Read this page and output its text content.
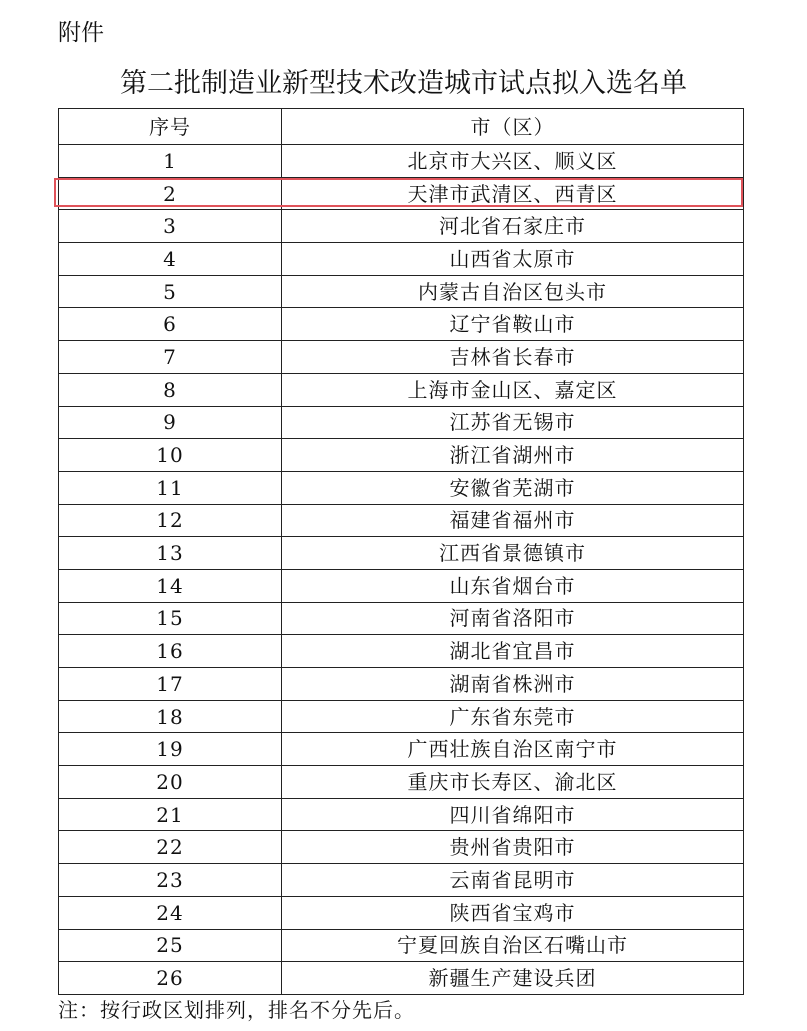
附件
第二批制造业新型技术改造城市试点拟入选名单
序号	市（区）
1	北京市大兴区、顺义区
2	天津市武清区、西青区
3	河北省石家庄市
4	山西省太原市
5	内蒙古自治区包头市
6	辽宁省鞍山市
7	吉林省长春市
8	上海市金山区、嘉定区
9	江苏省无锡市
10	浙江省湖州市
11	安徽省芜湖市
12	福建省福州市
13	江西省景德镇市
14	山东省烟台市
15	河南省洛阳市
16	湖北省宜昌市
17	湖南省株洲市
18	广东省东莞市
19	广西壮族自治区南宁市
20	重庆市长寿区、渝北区
21	四川省绵阳市
22	贵州省贵阳市
23	云南省昆明市
24	陕西省宝鸡市
25	宁夏回族自治区石嘴山市
26	新疆生产建设兵团
注：按行政区划排列，排名不分先后。
